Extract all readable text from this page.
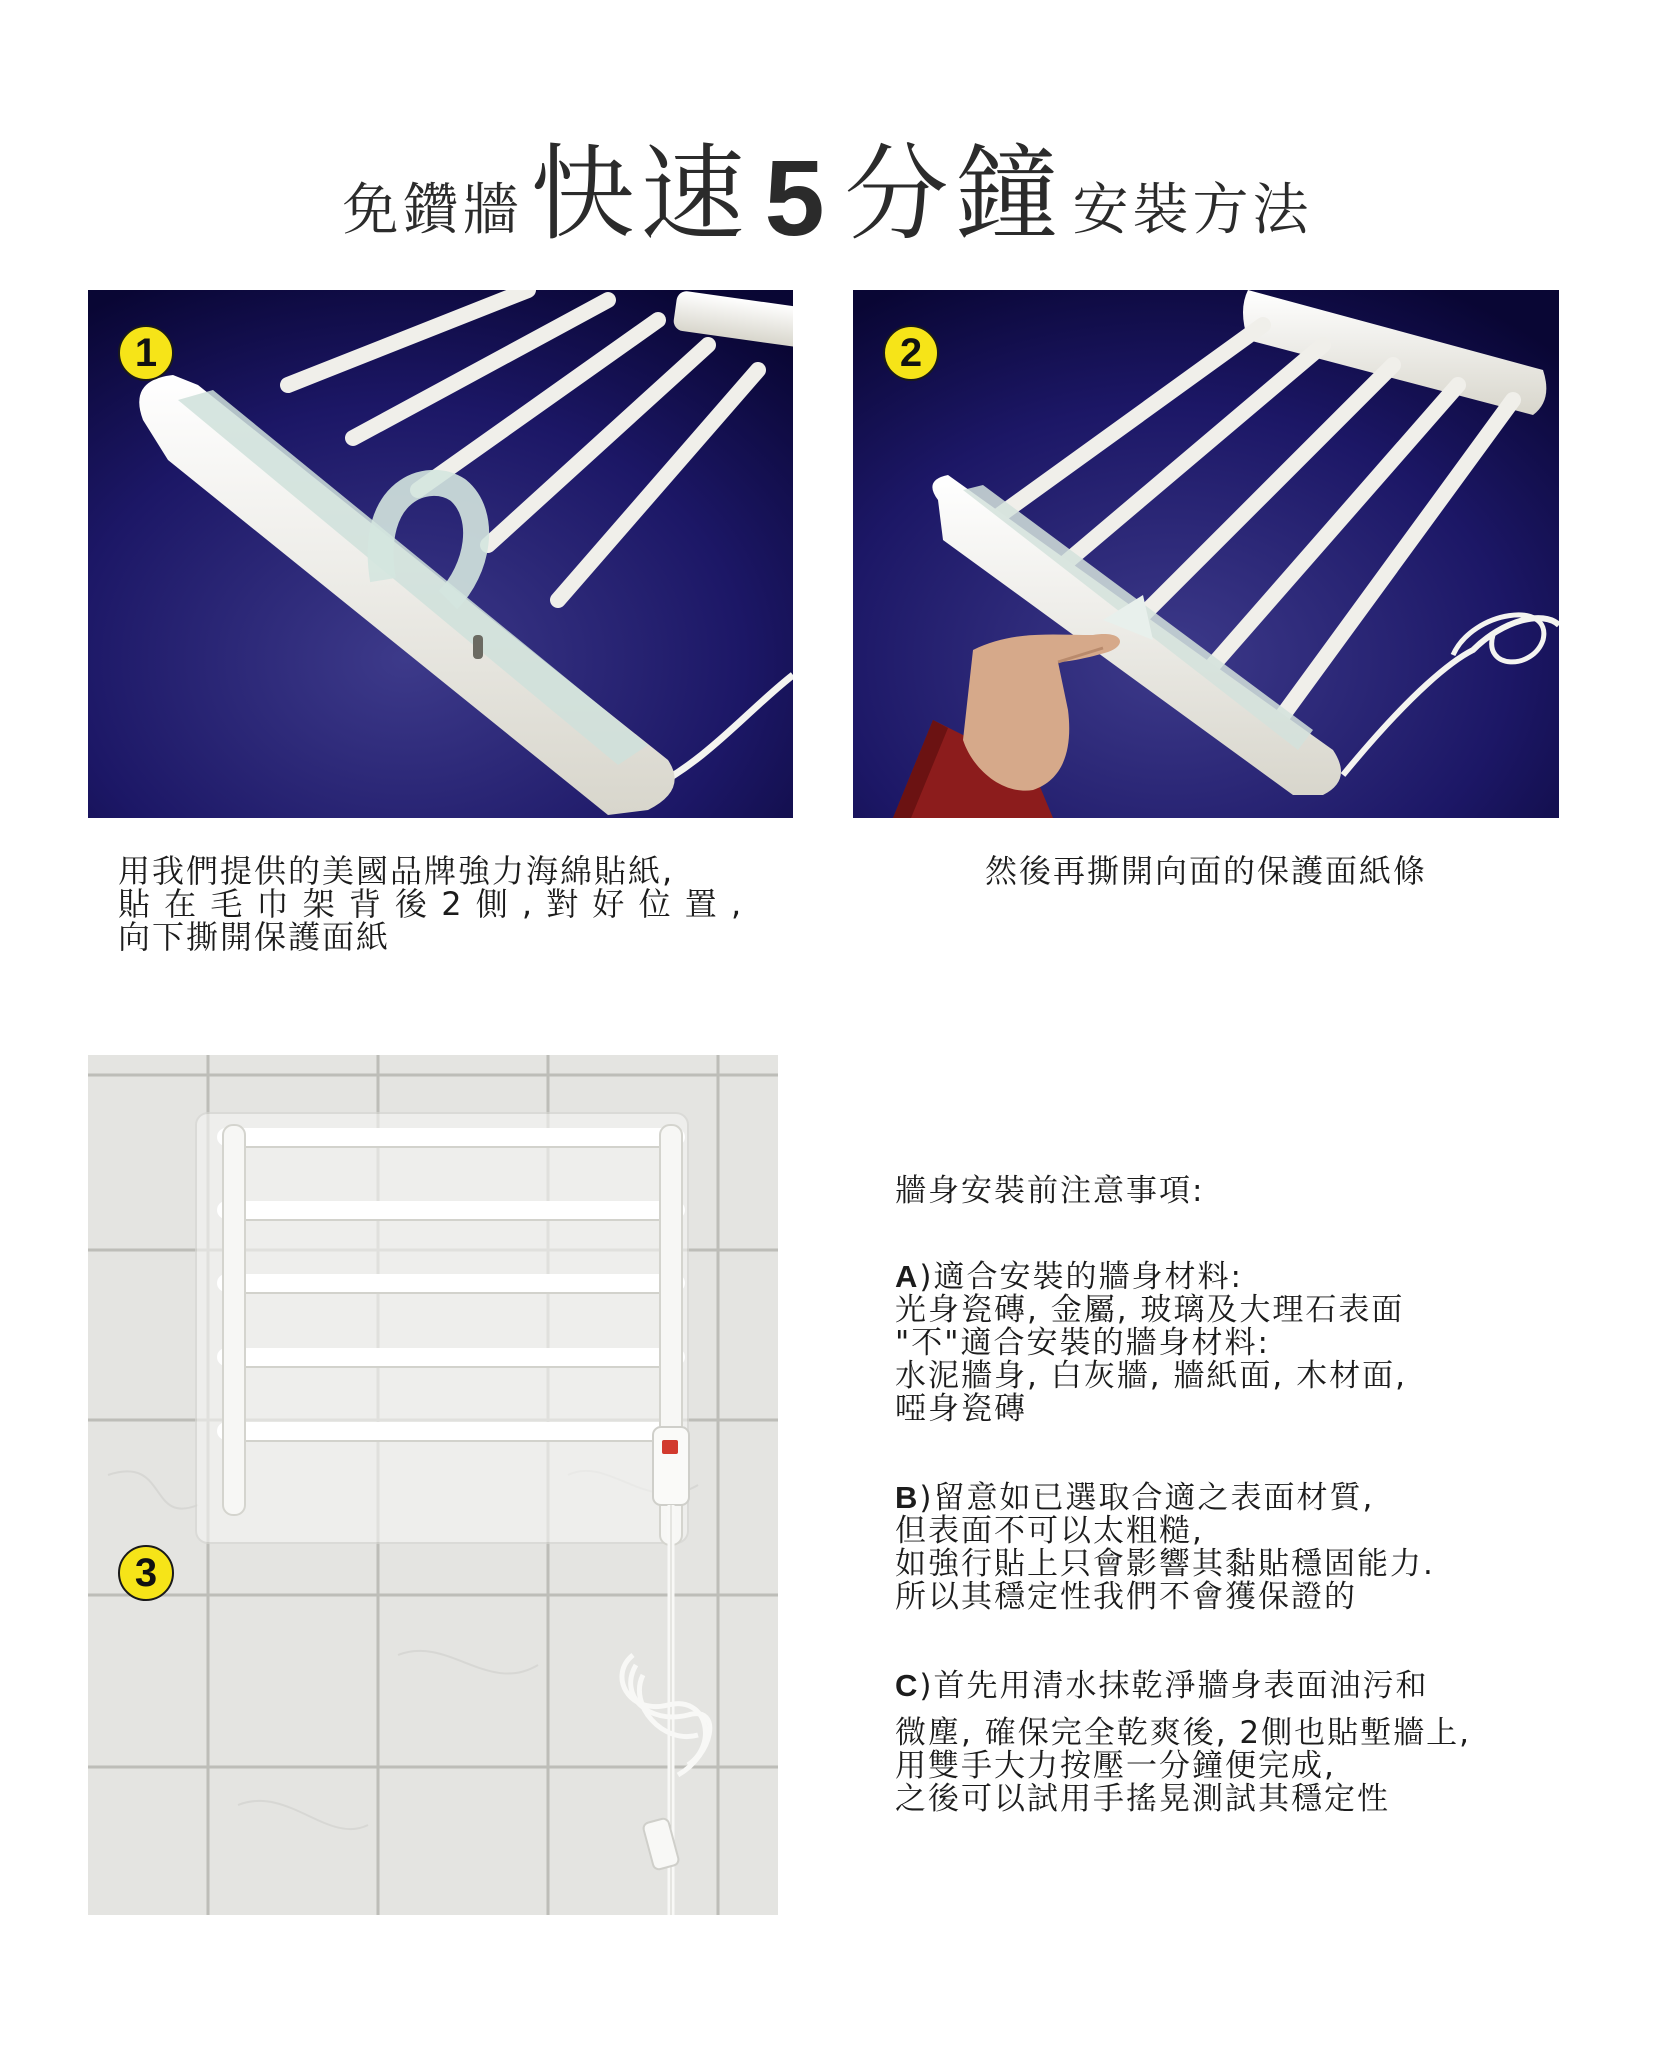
免鑽牆 快速 5 分鐘 安裝方法
1	2

用我們提供的美國品牌強力海綿貼紙,

貼 在 毛 巾 架 背 後 2 側 , 對 好 位 置 ,

向下撕開保護面紙

然後再撕開向面的保護面紙條

3

牆身安裝前注意事項:

A)適合安裝的牆身材料:

光身瓷磚, 金屬, 玻璃及大理石表面

"不"適合安裝的牆身材料:

水泥牆身, 白灰牆, 牆紙面, 木材面,

啞身瓷磚

B)留意如已選取合適之表面材質,

但表面不可以太粗糙,

如強行貼上只會影響其黏貼穩固能力.

所以其穩定性我們不會獲保證的

C)首先用清水抹乾淨牆身表面油污和

微塵, 確保完全乾爽後, 2側也貼塹牆上,

用雙手大力按壓一分鐘便完成,

之後可以試用手搖晃測試其穩定性
